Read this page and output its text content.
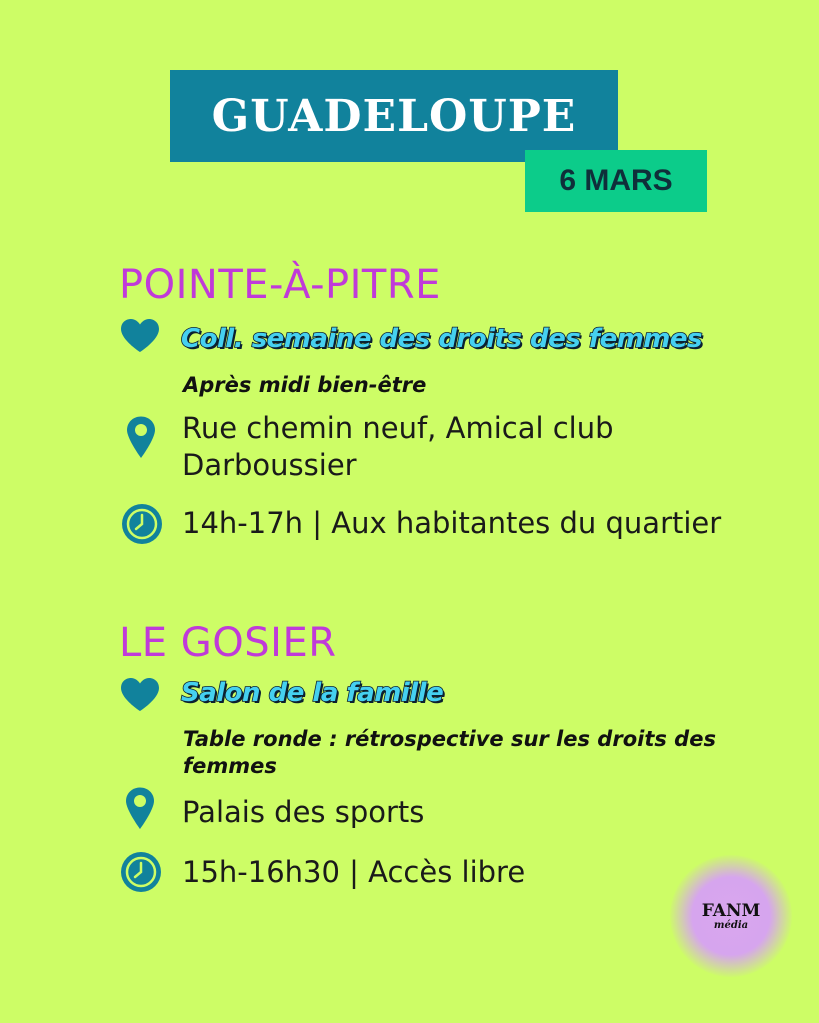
GUADELOUPE
6 MARS
POINTE-À-PITRE
Coll. semaine des droits des femmes
Après midi bien-être
Rue chemin neuf, Amical club Darboussier
14h-17h | Aux habitantes du quartier
LE GOSIER
Salon de la famille
Table ronde : rétrospective sur les droits des femmes
Palais des sports
15h-16h30 | Accès libre
FANM
média
